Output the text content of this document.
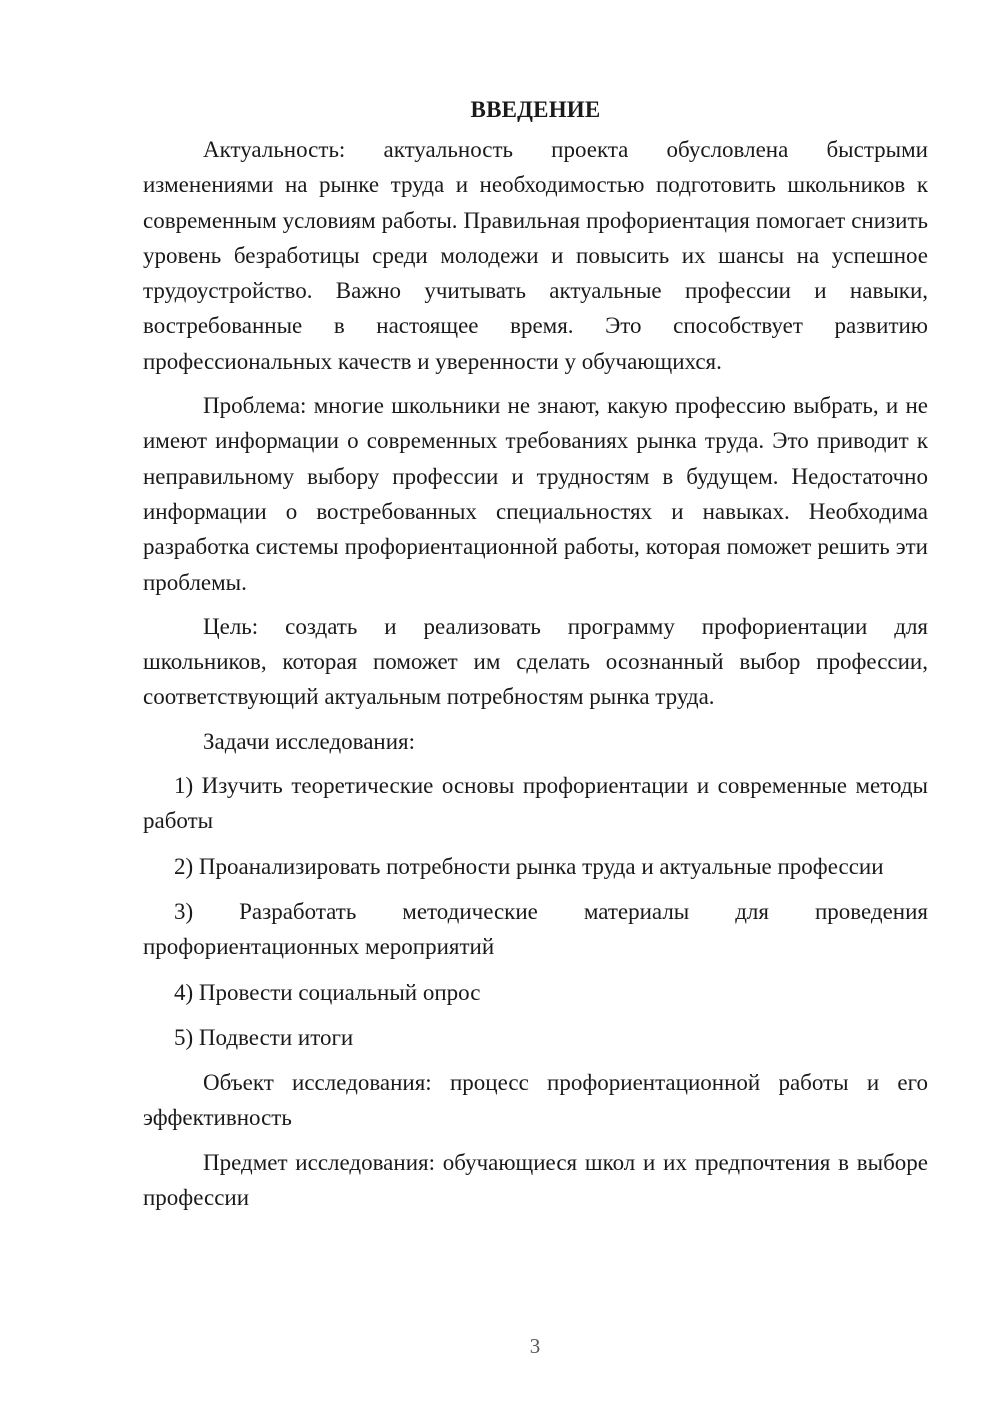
ВВЕДЕНИЕ

Актуальность: актуальность проекта обусловлена быстрыми изменениями на рынке труда и необходимостью подготовить школьников к современным условиям работы. Правильная профориентация помогает снизить уровень безработицы среди молодежи и повысить их шансы на успешное трудоустройство. Важно учитывать актуальные профессии и навыки, востребованные в настоящее время. Это способствует развитию профессиональных качеств и уверенности у обучающихся.

Проблема: многие школьники не знают, какую профессию выбрать, и не имеют информации о современных требованиях рынка труда. Это приводит к неправильному выбору профессии и трудностям в будущем. Недостаточно информации о востребованных специальностях и навыках. Необходима разработка системы профориентационной работы, которая поможет решить эти проблемы.

Цель: создать и реализовать программу профориентации для школьников, которая поможет им сделать осознанный выбор профессии, соответствующий актуальным потребностям рынка труда.

Задачи исследования:

1) Изучить теоретические основы профориентации и современные методы работы

2) Проанализировать потребности рынка труда и актуальные профессии

3) Разработать методические материалы для проведения профориентационных мероприятий

4) Провести социальный опрос

5) Подвести итоги

Объект исследования: процесс профориентационной работы и его эффективность

Предмет исследования: обучающиеся школ и их предпочтения в выборе профессии

3
